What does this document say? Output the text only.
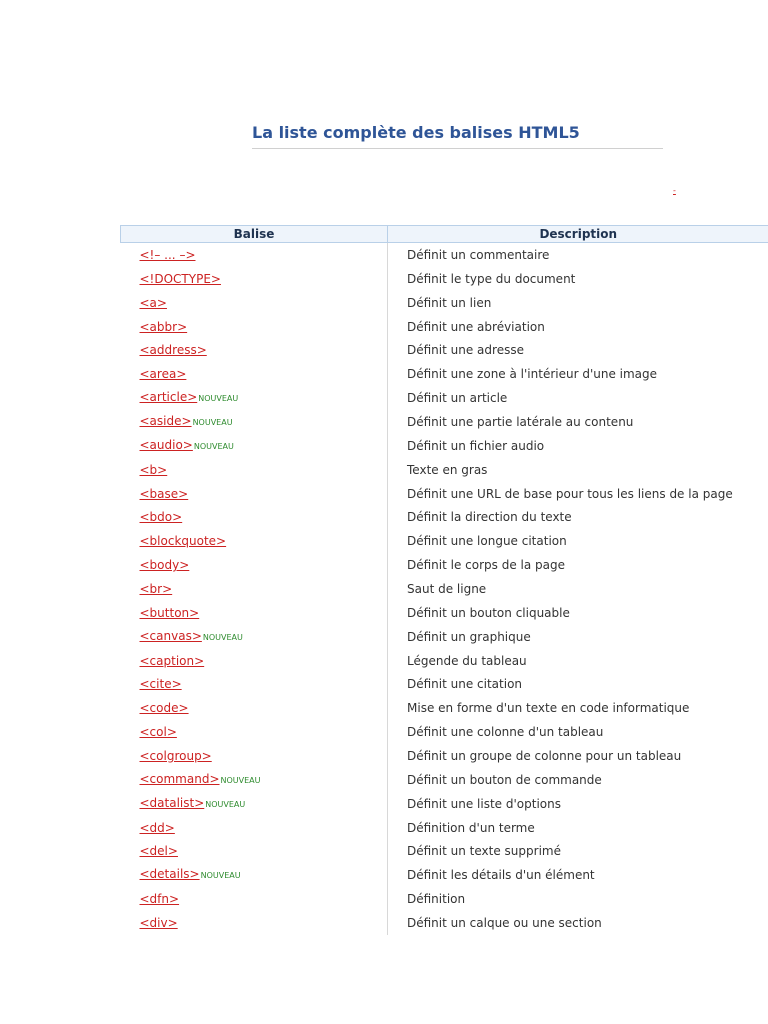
La liste complète des balises HTML5
-
Balise	Description
<!– ... –>	Définit un commentaire
<!DOCTYPE>	Définit le type du document
<a>	Définit un lien
<abbr>	Définit une abréviation
<address>	Définit une adresse
<area>	Définit une zone à l'intérieur d'une image
<article>NOUVEAU	Définit un article
<aside>NOUVEAU	Définit une partie latérale au contenu
<audio>NOUVEAU	Définit un fichier audio
<b>	Texte en gras
<base>	Définit une URL de base pour tous les liens de la page
<bdo>	Définit la direction du texte
<blockquote>	Définit une longue citation
<body>	Définit le corps de la page
<br>	Saut de ligne
<button>	Définit un bouton cliquable
<canvas>NOUVEAU	Définit un graphique
<caption>	Légende du tableau
<cite>	Définit une citation
<code>	Mise en forme d'un texte en code informatique
<col>	Définit une colonne d'un tableau
<colgroup>	Définit un groupe de colonne pour un tableau
<command>NOUVEAU	Définit un bouton de commande
<datalist>NOUVEAU	Définit une liste d'options
<dd>	Définition d'un terme
<del>	Définit un texte supprimé
<details>NOUVEAU	Définit les détails d'un élément
<dfn>	Définition
<div>	Définit un calque ou une section
